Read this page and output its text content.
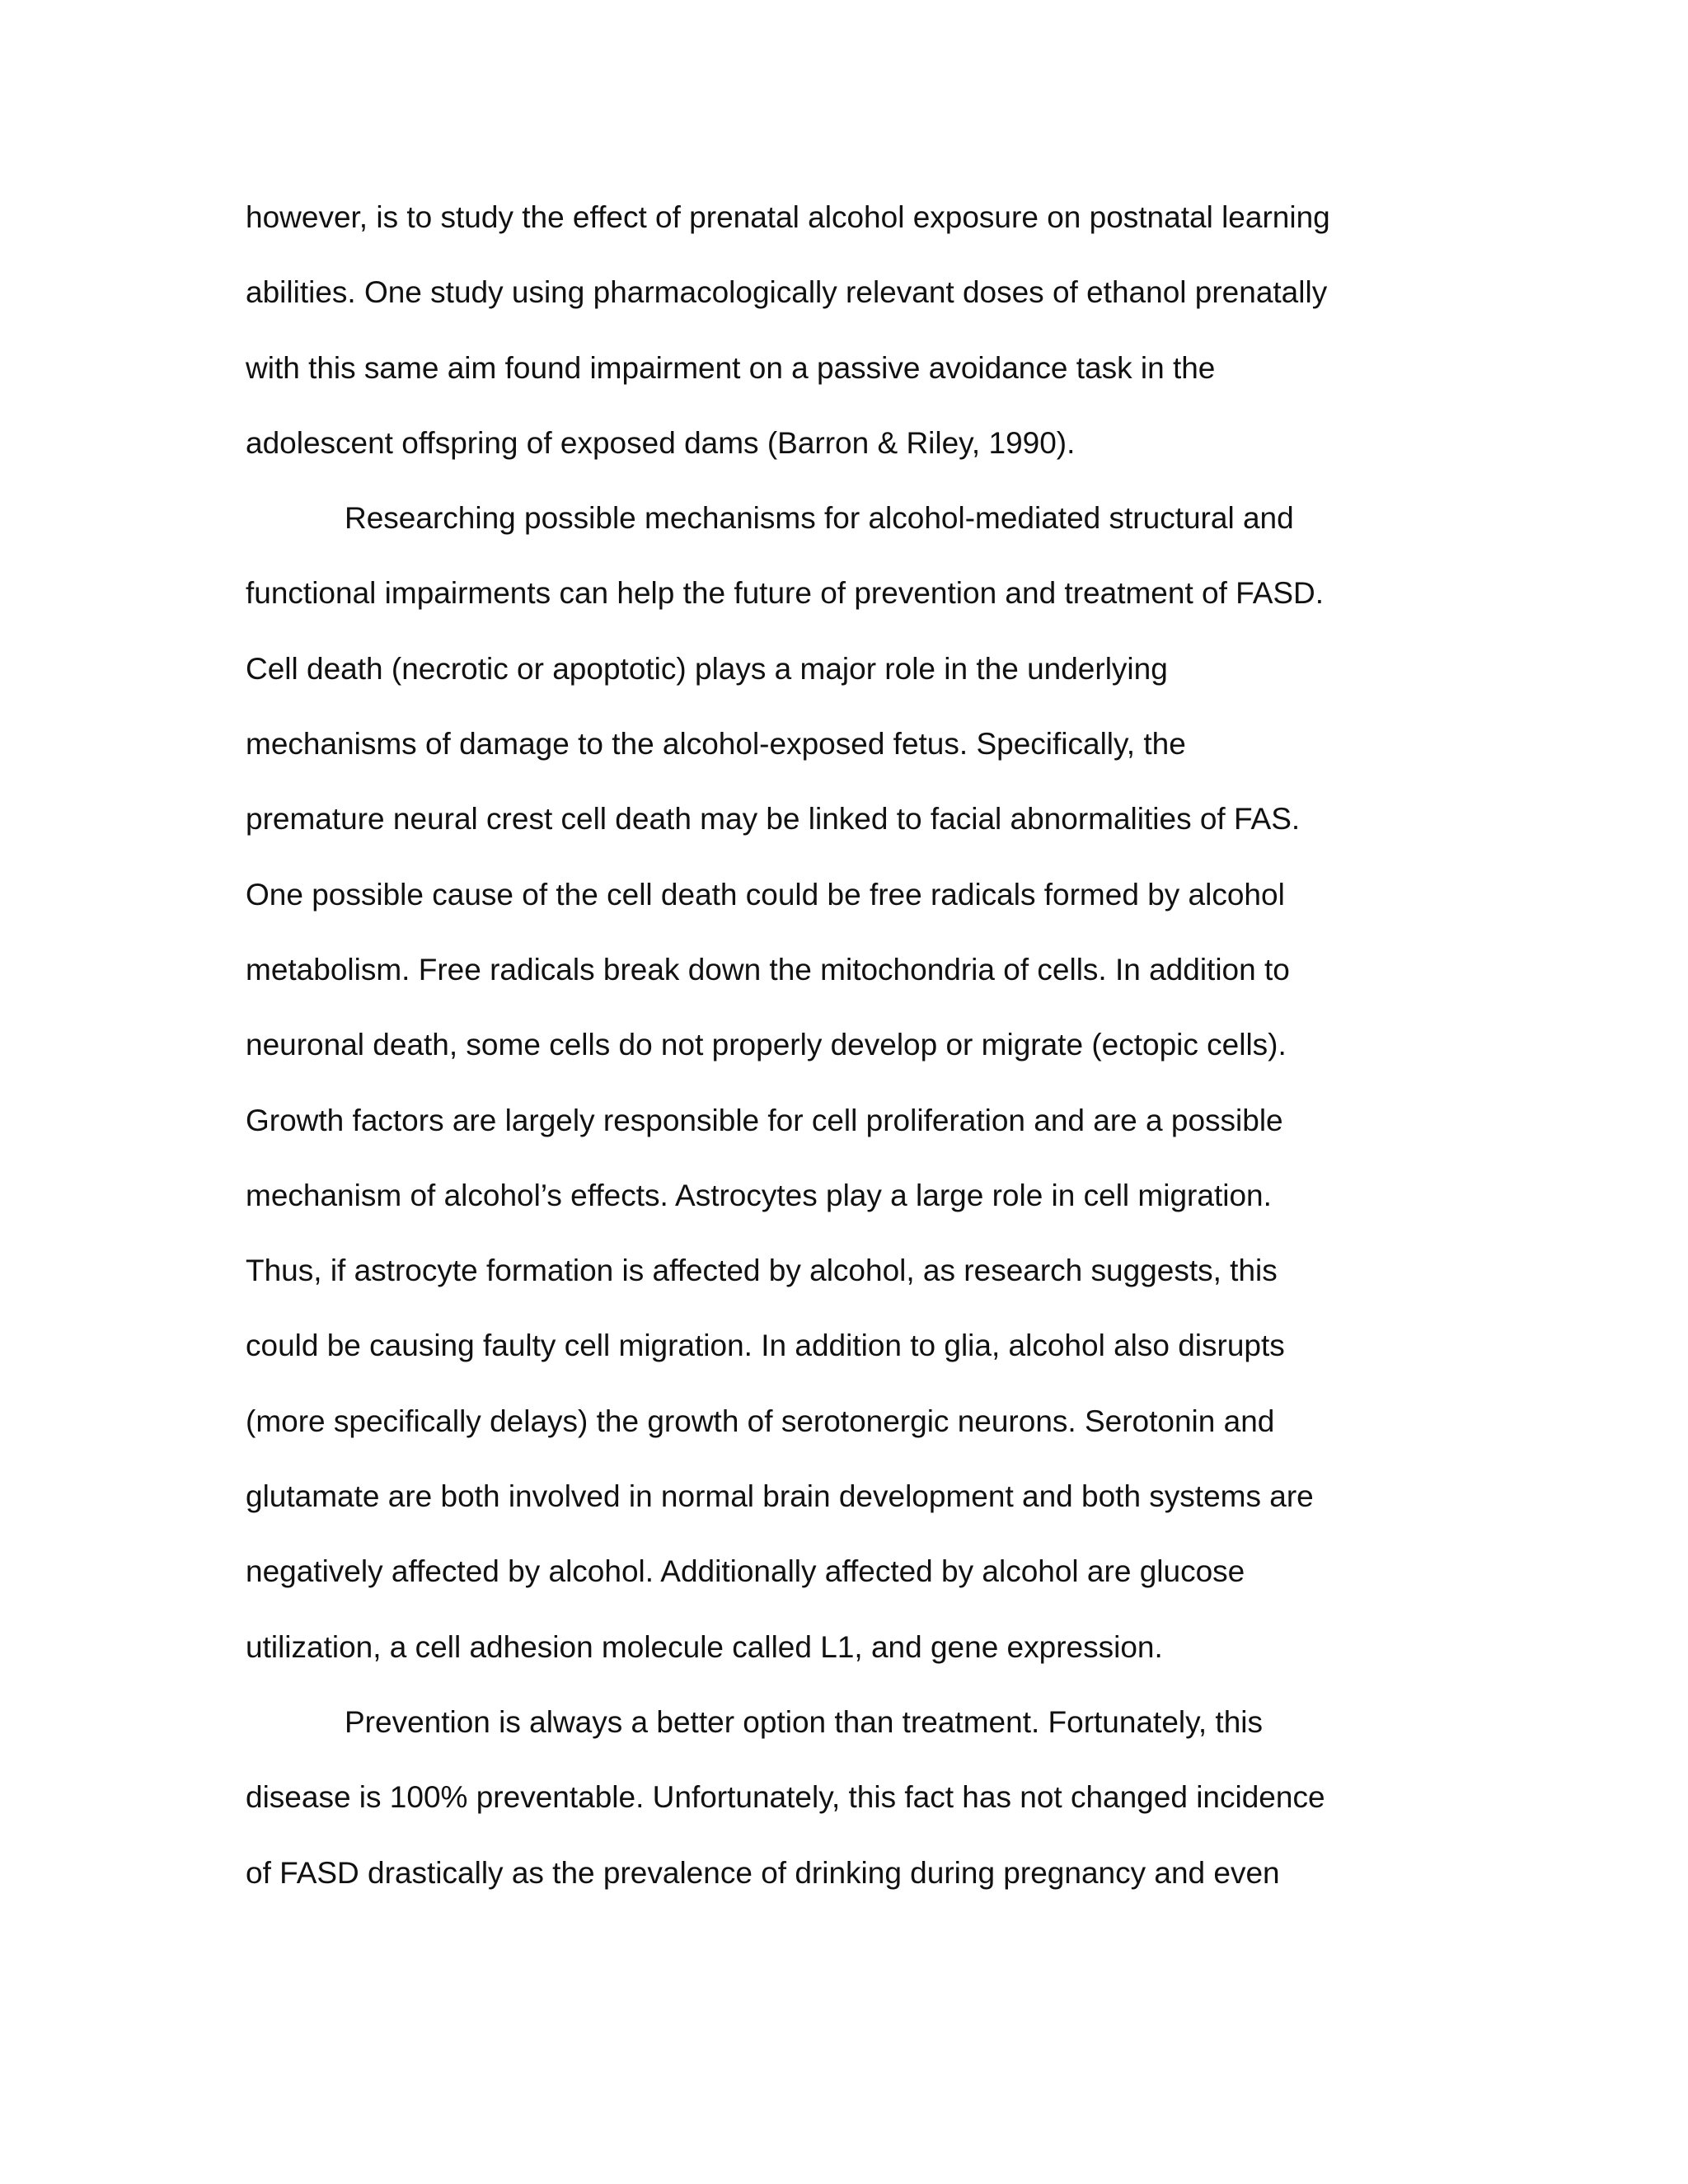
however, is to study the effect of prenatal alcohol exposure on postnatal learning
abilities. One study using pharmacologically relevant doses of ethanol prenatally
with this same aim found impairment on a passive avoidance task in the
adolescent offspring of exposed dams (Barron & Riley, 1990).
Researching possible mechanisms for alcohol-mediated structural and
functional impairments can help the future of prevention and treatment of FASD.
Cell death (necrotic or apoptotic) plays a major role in the underlying
mechanisms of damage to the alcohol-exposed fetus. Specifically, the
premature neural crest cell death may be linked to facial abnormalities of FAS.
One possible cause of the cell death could be free radicals formed by alcohol
metabolism. Free radicals break down the mitochondria of cells. In addition to
neuronal death, some cells do not properly develop or migrate (ectopic cells).
Growth factors are largely responsible for cell proliferation and are a possible
mechanism of alcohol’s effects. Astrocytes play a large role in cell migration.
Thus, if astrocyte formation is affected by alcohol, as research suggests, this
could be causing faulty cell migration. In addition to glia, alcohol also disrupts
(more specifically delays) the growth of serotonergic neurons. Serotonin and
glutamate are both involved in normal brain development and both systems are
negatively affected by alcohol. Additionally affected by alcohol are glucose
utilization, a cell adhesion molecule called L1, and gene expression.
Prevention is always a better option than treatment. Fortunately, this
disease is 100% preventable. Unfortunately, this fact has not changed incidence
of FASD drastically as the prevalence of drinking during pregnancy and even
